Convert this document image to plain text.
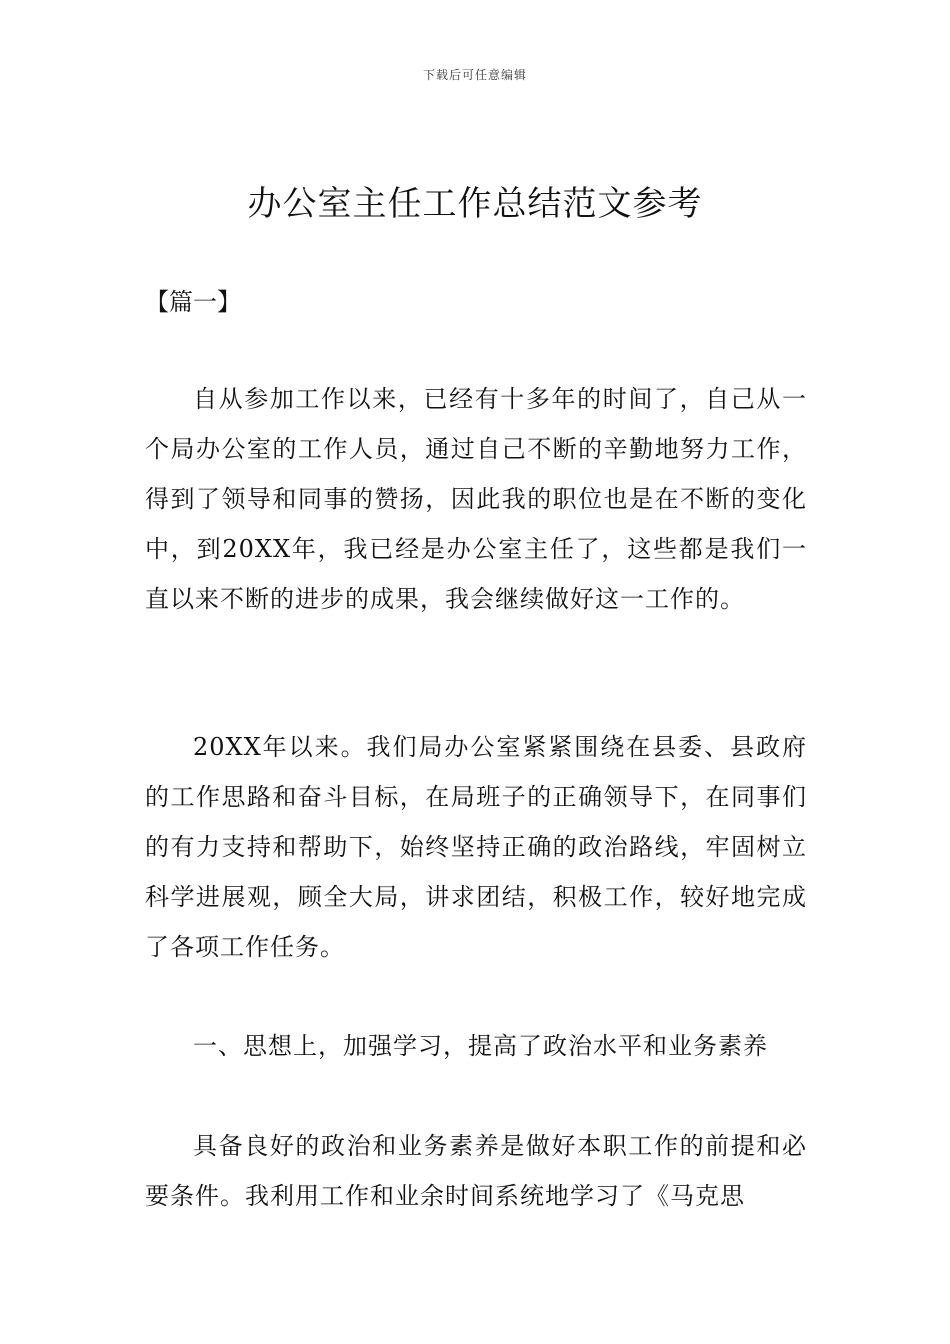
下载后可任意编辑
办公室主任工作总结范文参考
【篇一】

自从参加工作以来，已经有十多年的时间了，自己从一个局办公室的工作人员，通过自己不断的辛勤地努力工作，得到了领导和同事的赞扬，因此我的职位也是在不断的变化中，到20XX年，我已经是办公室主任了，这些都是我们一直以来不断的进步的成果，我会继续做好这一工作的。

20XX年以来。我们局办公室紧紧围绕在县委、县政府的工作思路和奋斗目标，在局班子的正确领导下，在同事们的有力支持和帮助下，始终坚持正确的政治路线，牢固树立科学进展观，顾全大局，讲求团结，积极工作，较好地完成了各项工作任务。

一、思想上，加强学习，提高了政治水平和业务素养

具备良好的政治和业务素养是做好本职工作的前提和必要条件。我利用工作和业余时间系统地学习了《马克思
